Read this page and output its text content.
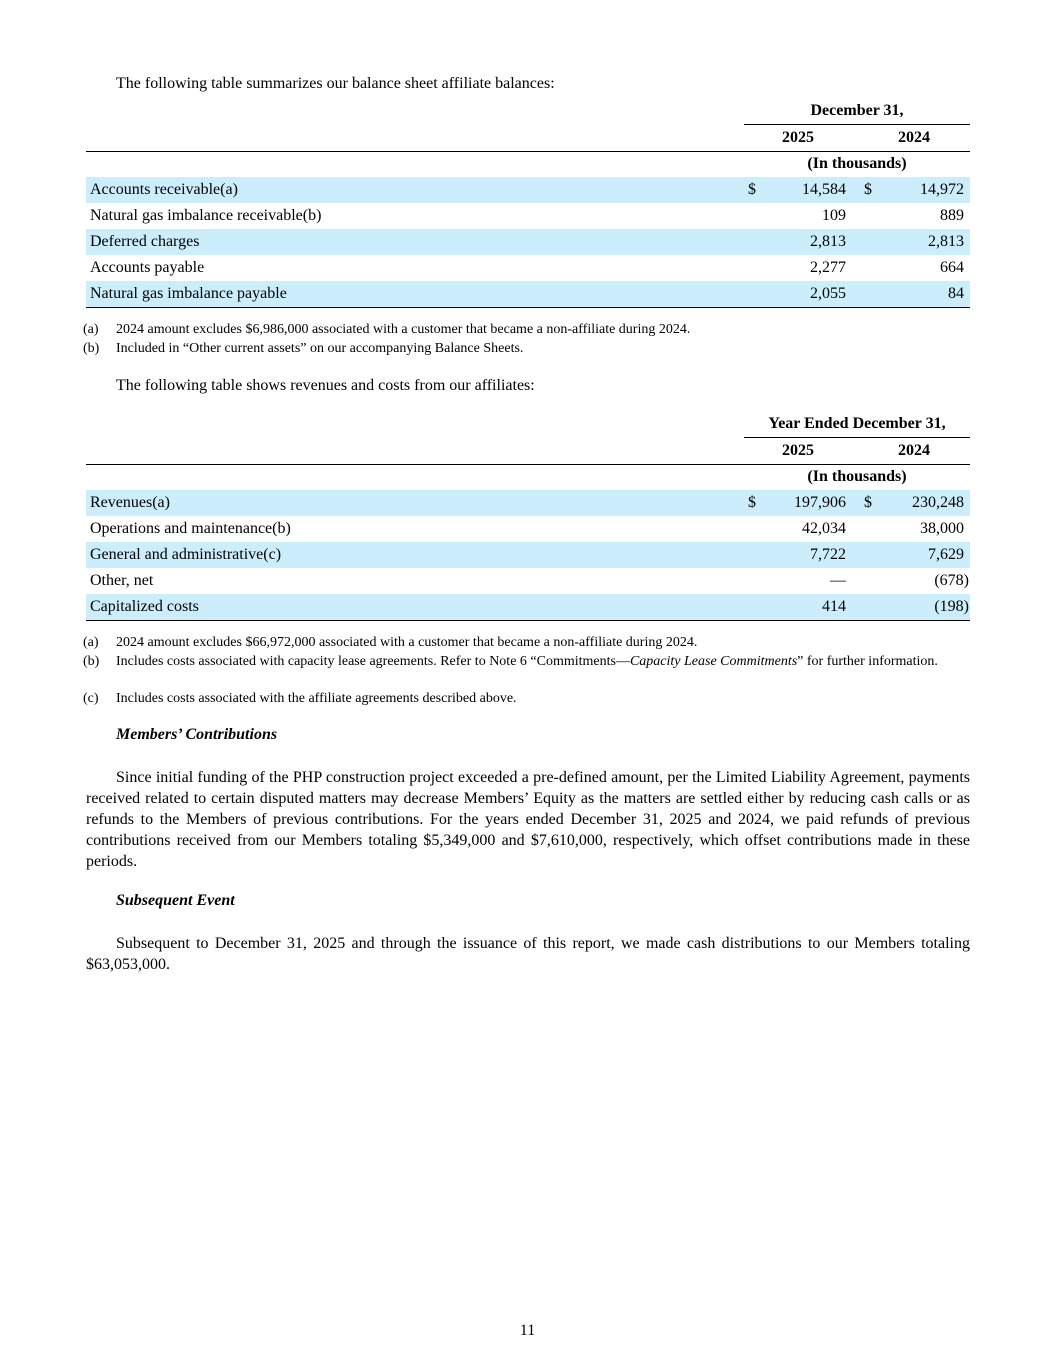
The following table summarizes our balance sheet affiliate balances:
December 31,
2025	2024
(In thousands)
Accounts receivable(a)	$	14,584 $	14,972
Natural gas imbalance receivable(b)	109	889
Deferred charges	2,813	2,813
Accounts payable	2,277	664
Natural gas imbalance payable	2,055	84
(a) 2024 amount excludes $6,986,000 associated with a customer that became a non-affiliate during 2024.
(b) Included in “Other current assets” on our accompanying Balance Sheets.
The following table shows revenues and costs from our affiliates:
Year Ended December 31,
2025	2024
(In thousands)
Revenues(a)	$ 197,906 $	230,248
Operations and maintenance(b)	42,034	38,000
General and administrative(c)	7,722	7,629
Other, net	—	(678)
Capitalized costs	414	(198)
(a) 2024 amount excludes $66,972,000 associated with a customer that became a non-affiliate during 2024.
(b) Includes costs associated with capacity lease agreements. Refer to Note 6 “Commitments—Capacity Lease Commitments” for further information.
(c) Includes costs associated with the affiliate agreements described above.
Members’ Contributions
Since initial funding of the PHP construction project exceeded a pre-defined amount, per the Limited Liability Agreement, payments received related to certain disputed matters may decrease Members’ Equity as the matters are settled either by reducing cash calls or as refunds to the Members of previous contributions. For the years ended December 31, 2025 and 2024, we paid refunds of previous contributions received from our Members totaling $5,349,000 and $7,610,000, respectively, which offset contributions made in these periods.
Subsequent Event
Subsequent to December 31, 2025 and through the issuance of this report, we made cash distributions to our Members totaling $63,053,000.
11
